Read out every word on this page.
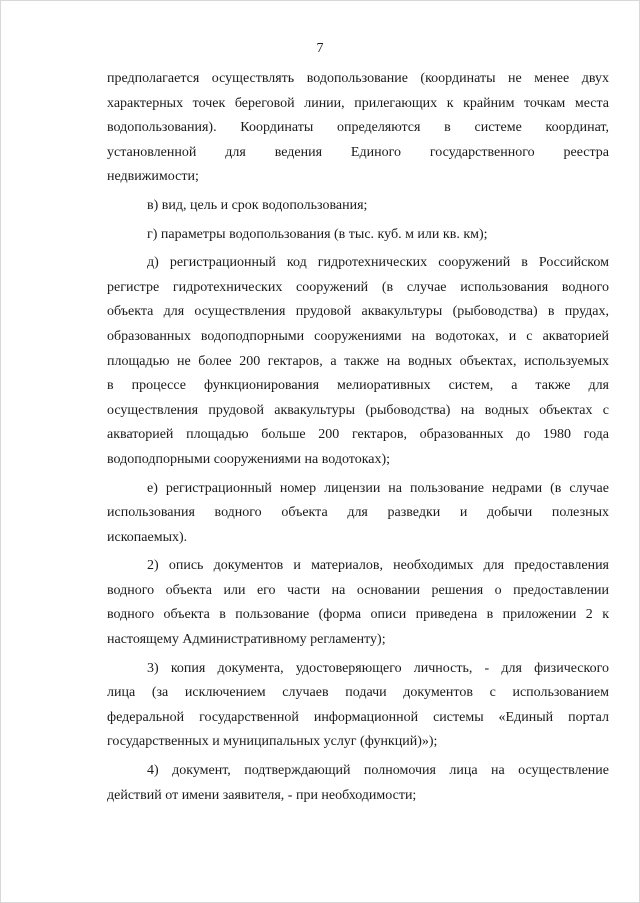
7
предполагается осуществлять водопользование (координаты не менее двух
характерных точек береговой линии, прилегающих к крайним точкам места
водопользования). Координаты определяются в системе координат,
установленной для ведения Единого государственного реестра
недвижимости;
в) вид, цель и срок водопользования;
г) параметры водопользования (в тыс. куб. м или кв. км);
д) регистрационный код гидротехнических сооружений в Российском
регистре гидротехнических сооружений (в случае использования водного
объекта для осуществления прудовой аквакультуры (рыбоводства) в прудах,
образованных водоподпорными сооружениями на водотоках, и с акваторией
площадью не более 200 гектаров, а также на водных объектах, используемых
в процессе функционирования мелиоративных систем, а также для
осуществления прудовой аквакультуры (рыбоводства) на водных объектах с
акваторией площадью больше 200 гектаров, образованных до 1980 года
водоподпорными сооружениями на водотоках);
е) регистрационный номер лицензии на пользование недрами (в случае
использования водного объекта для разведки и добычи полезных
ископаемых).
2) опись документов и материалов, необходимых для предоставления
водного объекта или его части на основании решения о предоставлении
водного объекта в пользование (форма описи приведена в приложении 2 к
настоящему Административному регламенту);
3) копия документа, удостоверяющего личность, - для физического
лица (за исключением случаев подачи документов с использованием
федеральной государственной информационной системы «Единый портал
государственных и муниципальных услуг (функций)»);
4) документ, подтверждающий полномочия лица на осуществление
действий от имени заявителя, - при необходимости;
